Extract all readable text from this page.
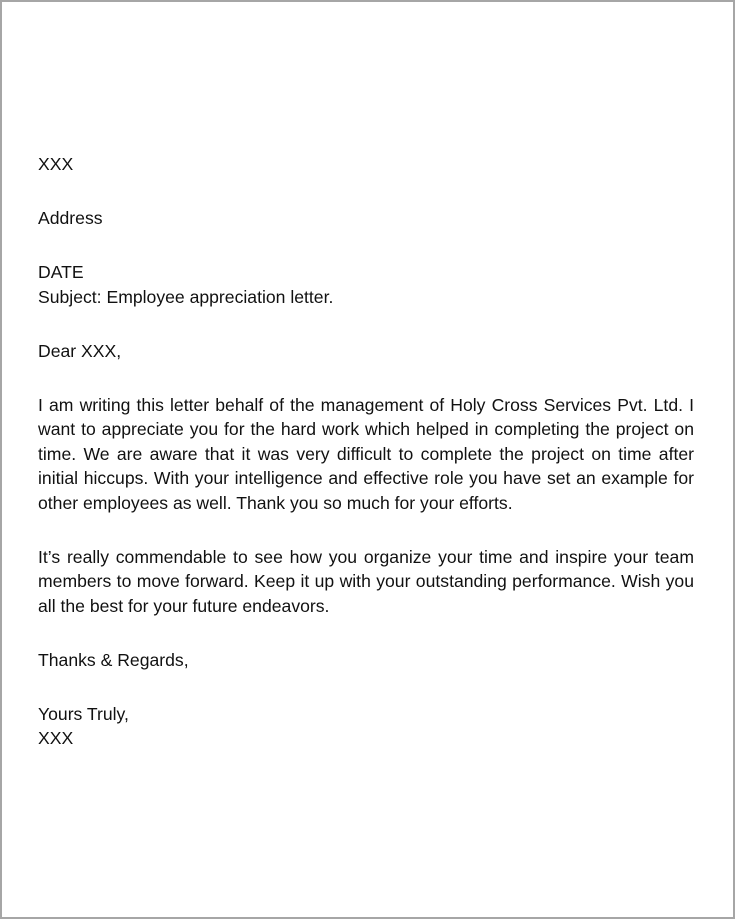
XXX

Address

DATE

Subject: Employee appreciation letter.

Dear XXX,

I am writing this letter behalf of the management of Holy Cross Services Pvt. Ltd. I want to appreciate you for the hard work which helped in completing the project on time. We are aware that it was very difficult to complete the project on time after initial hiccups. With your intelligence and effective role you have set an example for other employees as well. Thank you so much for your efforts.

It’s really commendable to see how you organize your time and inspire your team members to move forward. Keep it up with your outstanding performance. Wish you all the best for your future endeavors.

Thanks & Regards,

Yours Truly,

XXX
